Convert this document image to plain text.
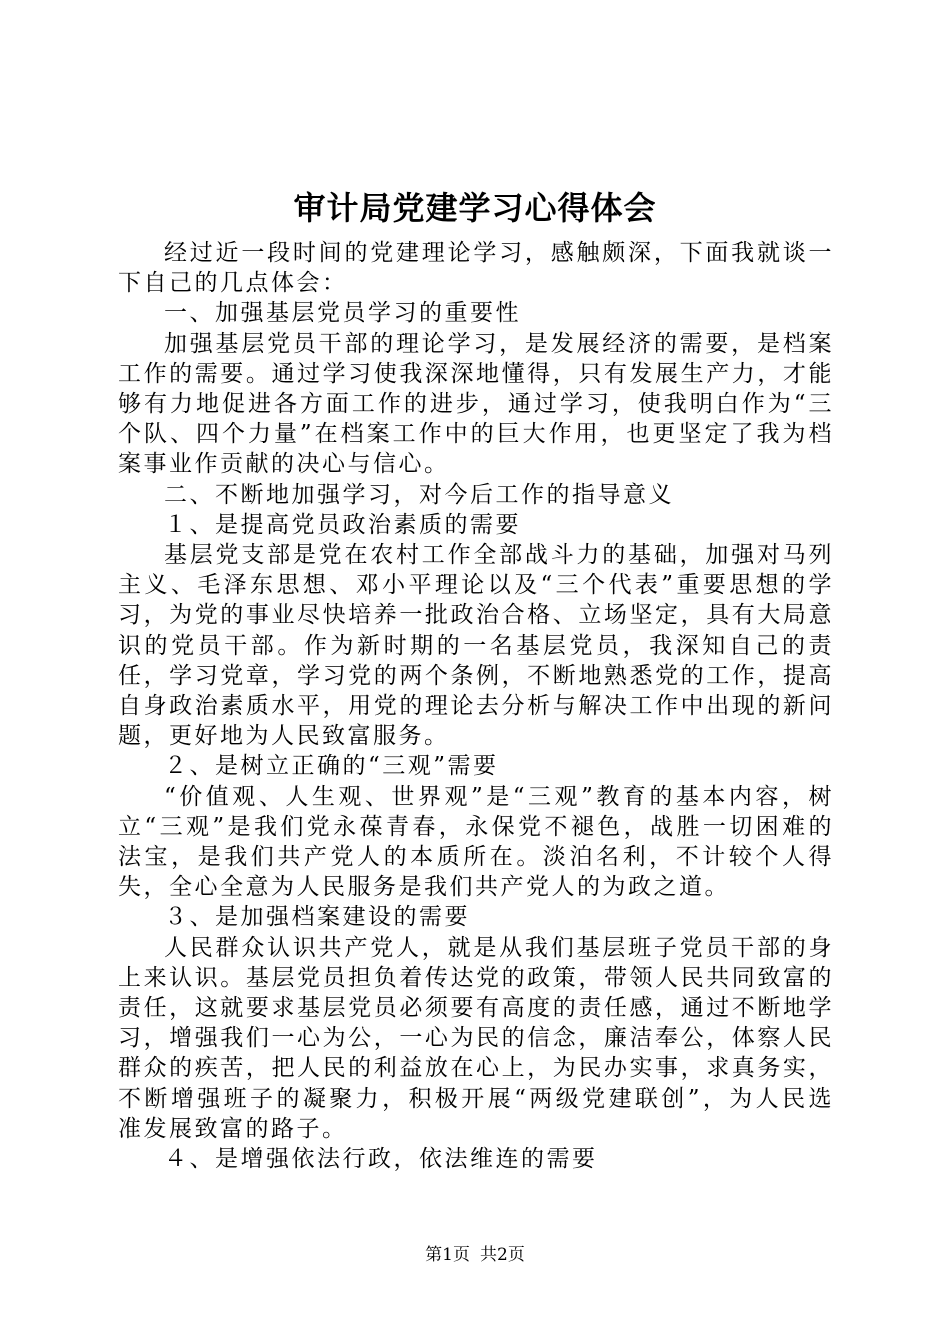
审计局党建学习心得体会

经过近一段时间的党建理论学习，感触颇深，下面我就谈一下自己的几点体会：

一、加强基层党员学习的重要性

加强基层党员干部的理论学习，是发展经济的需要，是档案工作的需要。通过学习使我深深地懂得，只有发展生产力，才能够有力地促进各方面工作的进步，通过学习，使我明白作为“三个队、四个力量”在档案工作中的巨大作用，也更坚定了我为档案事业作贡献的决心与信心。

二、不断地加强学习，对今后工作的指导意义

１、是提高党员政治素质的需要

基层党支部是党在农村工作全部战斗力的基础，加强对马列主义、毛泽东思想、邓小平理论以及“三个代表”重要思想的学习，为党的事业尽快培养一批政治合格、立场坚定，具有大局意识的党员干部。作为新时期的一名基层党员，我深知自己的责任，学习党章，学习党的两个条例，不断地熟悉党的工作，提高自身政治素质水平，用党的理论去分析与解决工作中出现的新问题，更好地为人民致富服务。

２、是树立正确的“三观”需要

“价值观、人生观、世界观”是“三观”教育的基本内容，树立“三观”是我们党永葆青春，永保党不褪色，战胜一切困难的法宝，是我们共产党人的本质所在。淡泊名利，不计较个人得失，全心全意为人民服务是我们共产党人的为政之道。

３、是加强档案建设的需要

人民群众认识共产党人，就是从我们基层班子党员干部的身上来认识。基层党员担负着传达党的政策，带领人民共同致富的责任，这就要求基层党员必须要有高度的责任感，通过不断地学习，增强我们一心为公，一心为民的信念，廉洁奉公，体察人民群众的疾苦，把人民的利益放在心上，为民办实事，求真务实，不断增强班子的凝聚力，积极开展“两级党建联创”，为人民选准发展致富的路子。

４、是增强依法行政，依法维连的需要

第1页 共2页
